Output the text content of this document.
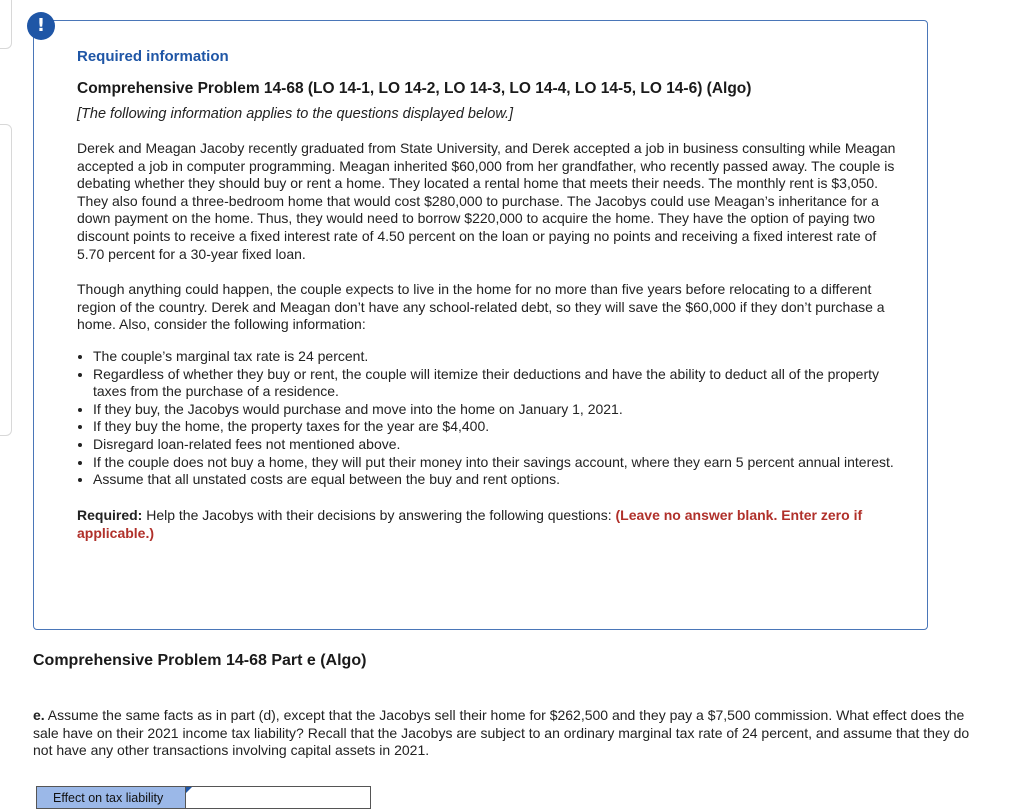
Required information

Comprehensive Problem 14-68 (LO 14-1, LO 14-2, LO 14-3, LO 14-4, LO 14-5, LO 14-6) (Algo)

[The following information applies to the questions displayed below.]

Derek and Meagan Jacoby recently graduated from State University, and Derek accepted a job in business consulting while Meagan accepted a job in computer programming. Meagan inherited $60,000 from her grandfather, who recently passed away. The couple is debating whether they should buy or rent a home. They located a rental home that meets their needs. The monthly rent is $3,050. They also found a three-bedroom home that would cost $280,000 to purchase. The Jacobys could use Meagan’s inheritance for a down payment on the home. Thus, they would need to borrow $220,000 to acquire the home. They have the option of paying two discount points to receive a fixed interest rate of 4.50 percent on the loan or paying no points and receiving a fixed interest rate of 5.70 percent for a 30-year fixed loan.

Though anything could happen, the couple expects to live in the home for no more than five years before relocating to a different region of the country. Derek and Meagan don’t have any school-related debt, so they will save the $60,000 if they don’t purchase a home. Also, consider the following information:

• The couple’s marginal tax rate is 24 percent.
• Regardless of whether they buy or rent, the couple will itemize their deductions and have the ability to deduct all of the property taxes from the purchase of a residence.
• If they buy, the Jacobys would purchase and move into the home on January 1, 2021.
• If they buy the home, the property taxes for the year are $4,400.
• Disregard loan-related fees not mentioned above.
• If the couple does not buy a home, they will put their money into their savings account, where they earn 5 percent annual interest.
• Assume that all unstated costs are equal between the buy and rent options.

Required: Help the Jacobys with their decisions by answering the following questions: (Leave no answer blank. Enter zero if applicable.)

!

Comprehensive Problem 14-68 Part e (Algo)

e. Assume the same facts as in part (d), except that the Jacobys sell their home for $262,500 and they pay a $7,500 commission. What effect does the sale have on their 2021 income tax liability? Recall that the Jacobys are subject to an ordinary marginal tax rate of 24 percent, and assume that they do not have any other transactions involving capital assets in 2021.

Effect on tax liability
